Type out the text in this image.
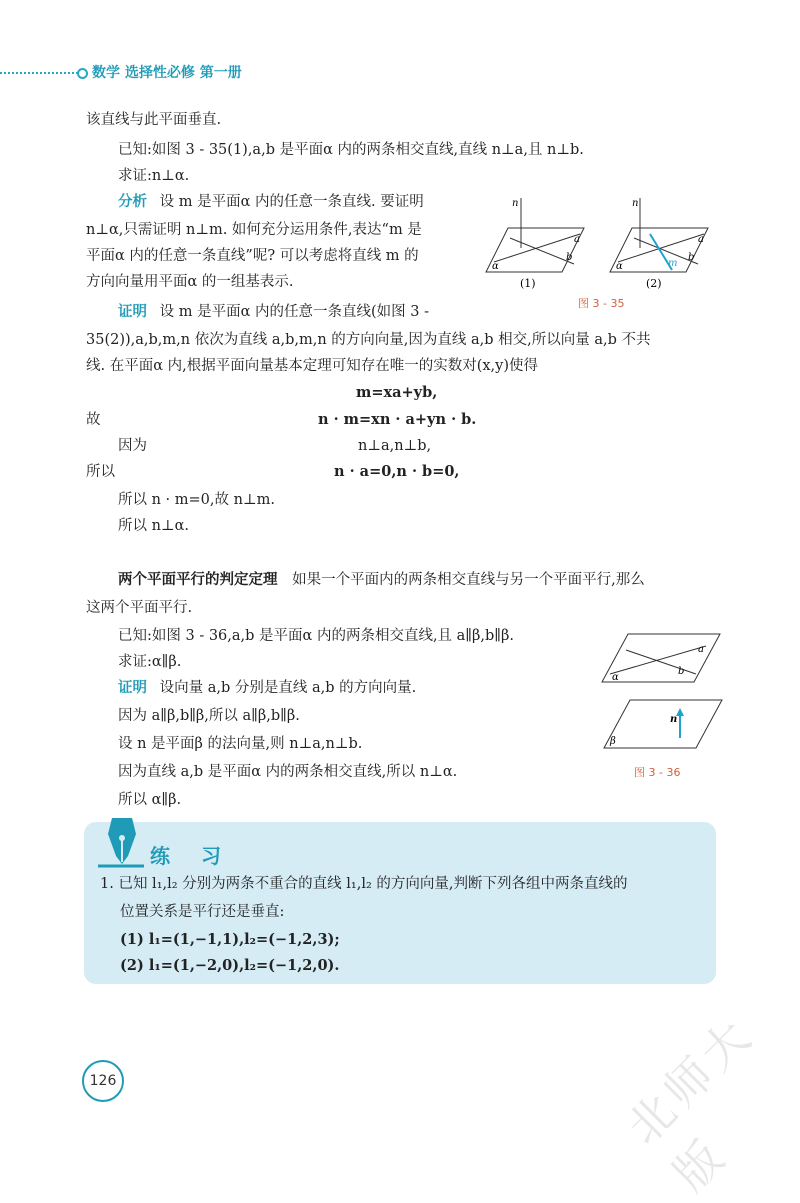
数学 选择性必修 第一册
该直线与此平面垂直.
已知:如图 3 - 35(1),a,b 是平面α 内的两条相交直线,直线 n⊥a,且 n⊥b.
求证:n⊥α.
分析 设 m 是平面α 内的任意一条直线. 要证明
n⊥α,只需证明 n⊥m. 如何充分运用条件,表达“m 是
平面α 内的任意一条直线”呢? 可以考虑将直线 m 的
方向向量用平面α 的一组基表示.
证明 设 m 是平面α 内的任意一条直线(如图 3 -
35(2)),a,b,m,n 依次为直线 a,b,m,n 的方向向量,因为直线 a,b 相交,所以向量 a,b 不共
线. 在平面α 内,根据平面向量基本定理可知存在唯一的实数对(x,y)使得
m=xa+yb,
故	n · m=xn · a+yn · b.
因为	n⊥a,n⊥b,
所以	n · a=0,n · b=0,
所以 n · m=0,故 n⊥m.
所以 n⊥α.
两个平面平行的判定定理 如果一个平面内的两条相交直线与另一个平面平行,那么
这两个平面平行.
已知:如图 3 - 36,a,b 是平面α 内的两条相交直线,且 a∥β,b∥β.
求证:α∥β.
证明 设向量 a,b 分别是直线 a,b 的方向向量.
因为 a∥β,b∥β,所以 a∥β,b∥β.
设 n 是平面β 的法向量,则 n⊥a,n⊥b.
因为直线 a,b 是平面α 内的两条相交直线,所以 n⊥α.
所以 α∥β.
n
α
a
b
(1)
n
α
a
b
m
(2)
图 3 - 35
α
a
b
n
β
图 3 - 36
练 习
1. 已知 l₁,l₂ 分别为两条不重合的直线 l₁,l₂ 的方向向量,判断下列各组中两条直线的
位置关系是平行还是垂直:
(1) l₁=(1,−1,1),l₂=(−1,2,3);
(2) l₁=(1,−2,0),l₂=(−1,2,0).
126	北师大版
